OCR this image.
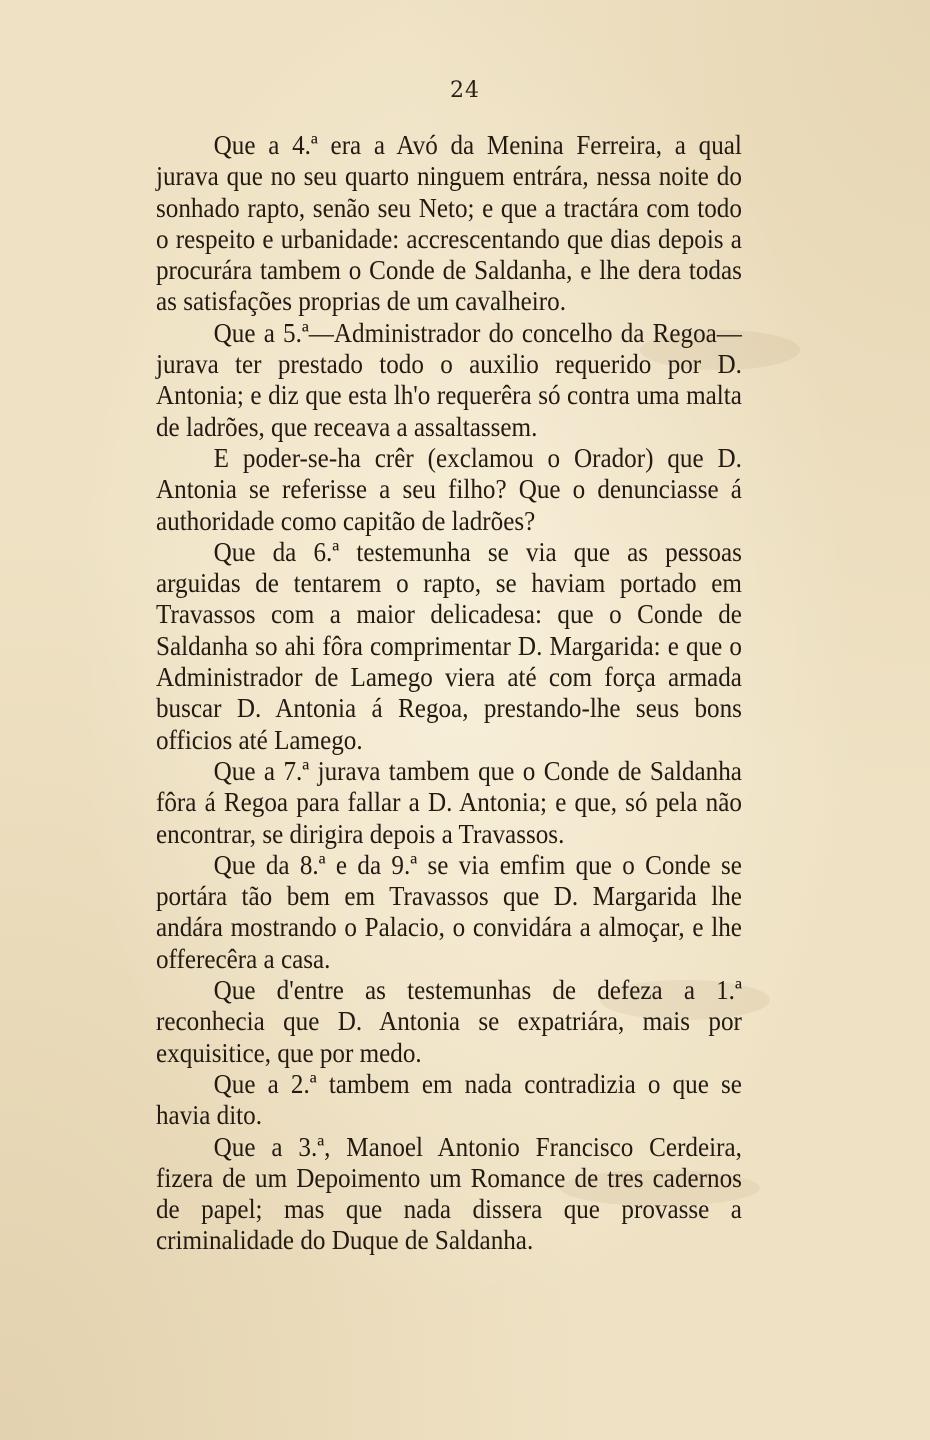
24

Que a 4.ª era a Avó da Menina Ferreira, a qual jurava que no seu quarto ninguem entrára, nessa noite do sonhado rapto, senão seu Neto; e que a tractára com todo o respeito e urbanidade: accrescentando que dias depois a procurára tambem o Conde de Saldanha, e lhe dera todas as satisfações proprias de um cavalheiro.

Que a 5.ª—Administrador do concelho da Regoa—jurava ter prestado todo o auxilio requerido por D. Antonia; e diz que esta lh'o requerêra só contra uma malta de ladrões, que receava a assaltassem.

E poder-se-ha crêr (exclamou o Orador) que D. Antonia se referisse a seu filho? Que o denunciasse á authoridade como capitão de ladrões?

Que da 6.ª testemunha se via que as pessoas arguidas de tentarem o rapto, se haviam portado em Travassos com a maior delicadesa: que o Conde de Saldanha so ahi fôra comprimentar D. Margarida: e que o Administrador de Lamego viera até com força armada buscar D. Antonia á Regoa, prestando-lhe seus bons officios até Lamego.

Que a 7.ª jurava tambem que o Conde de Saldanha fôra á Regoa para fallar a D. Antonia; e que, só pela não encontrar, se dirigira depois a Travassos.

Que da 8.ª e da 9.ª se via emfim que o Conde se portára tão bem em Travassos que D. Margarida lhe andára mostrando o Palacio, o convidára a almoçar, e lhe offerecêra a casa.

Que d'entre as testemunhas de defeza a 1.ª reconhecia que D. Antonia se expatriára, mais por exquisitice, que por medo.

Que a 2.ª tambem em nada contradizia o que se havia dito.

Que a 3.ª, Manoel Antonio Francisco Cerdeira, fizera de um Depoimento um Romance de tres cadernos de papel; mas que nada dissera que provasse a criminalidade do Duque de Saldanha.
